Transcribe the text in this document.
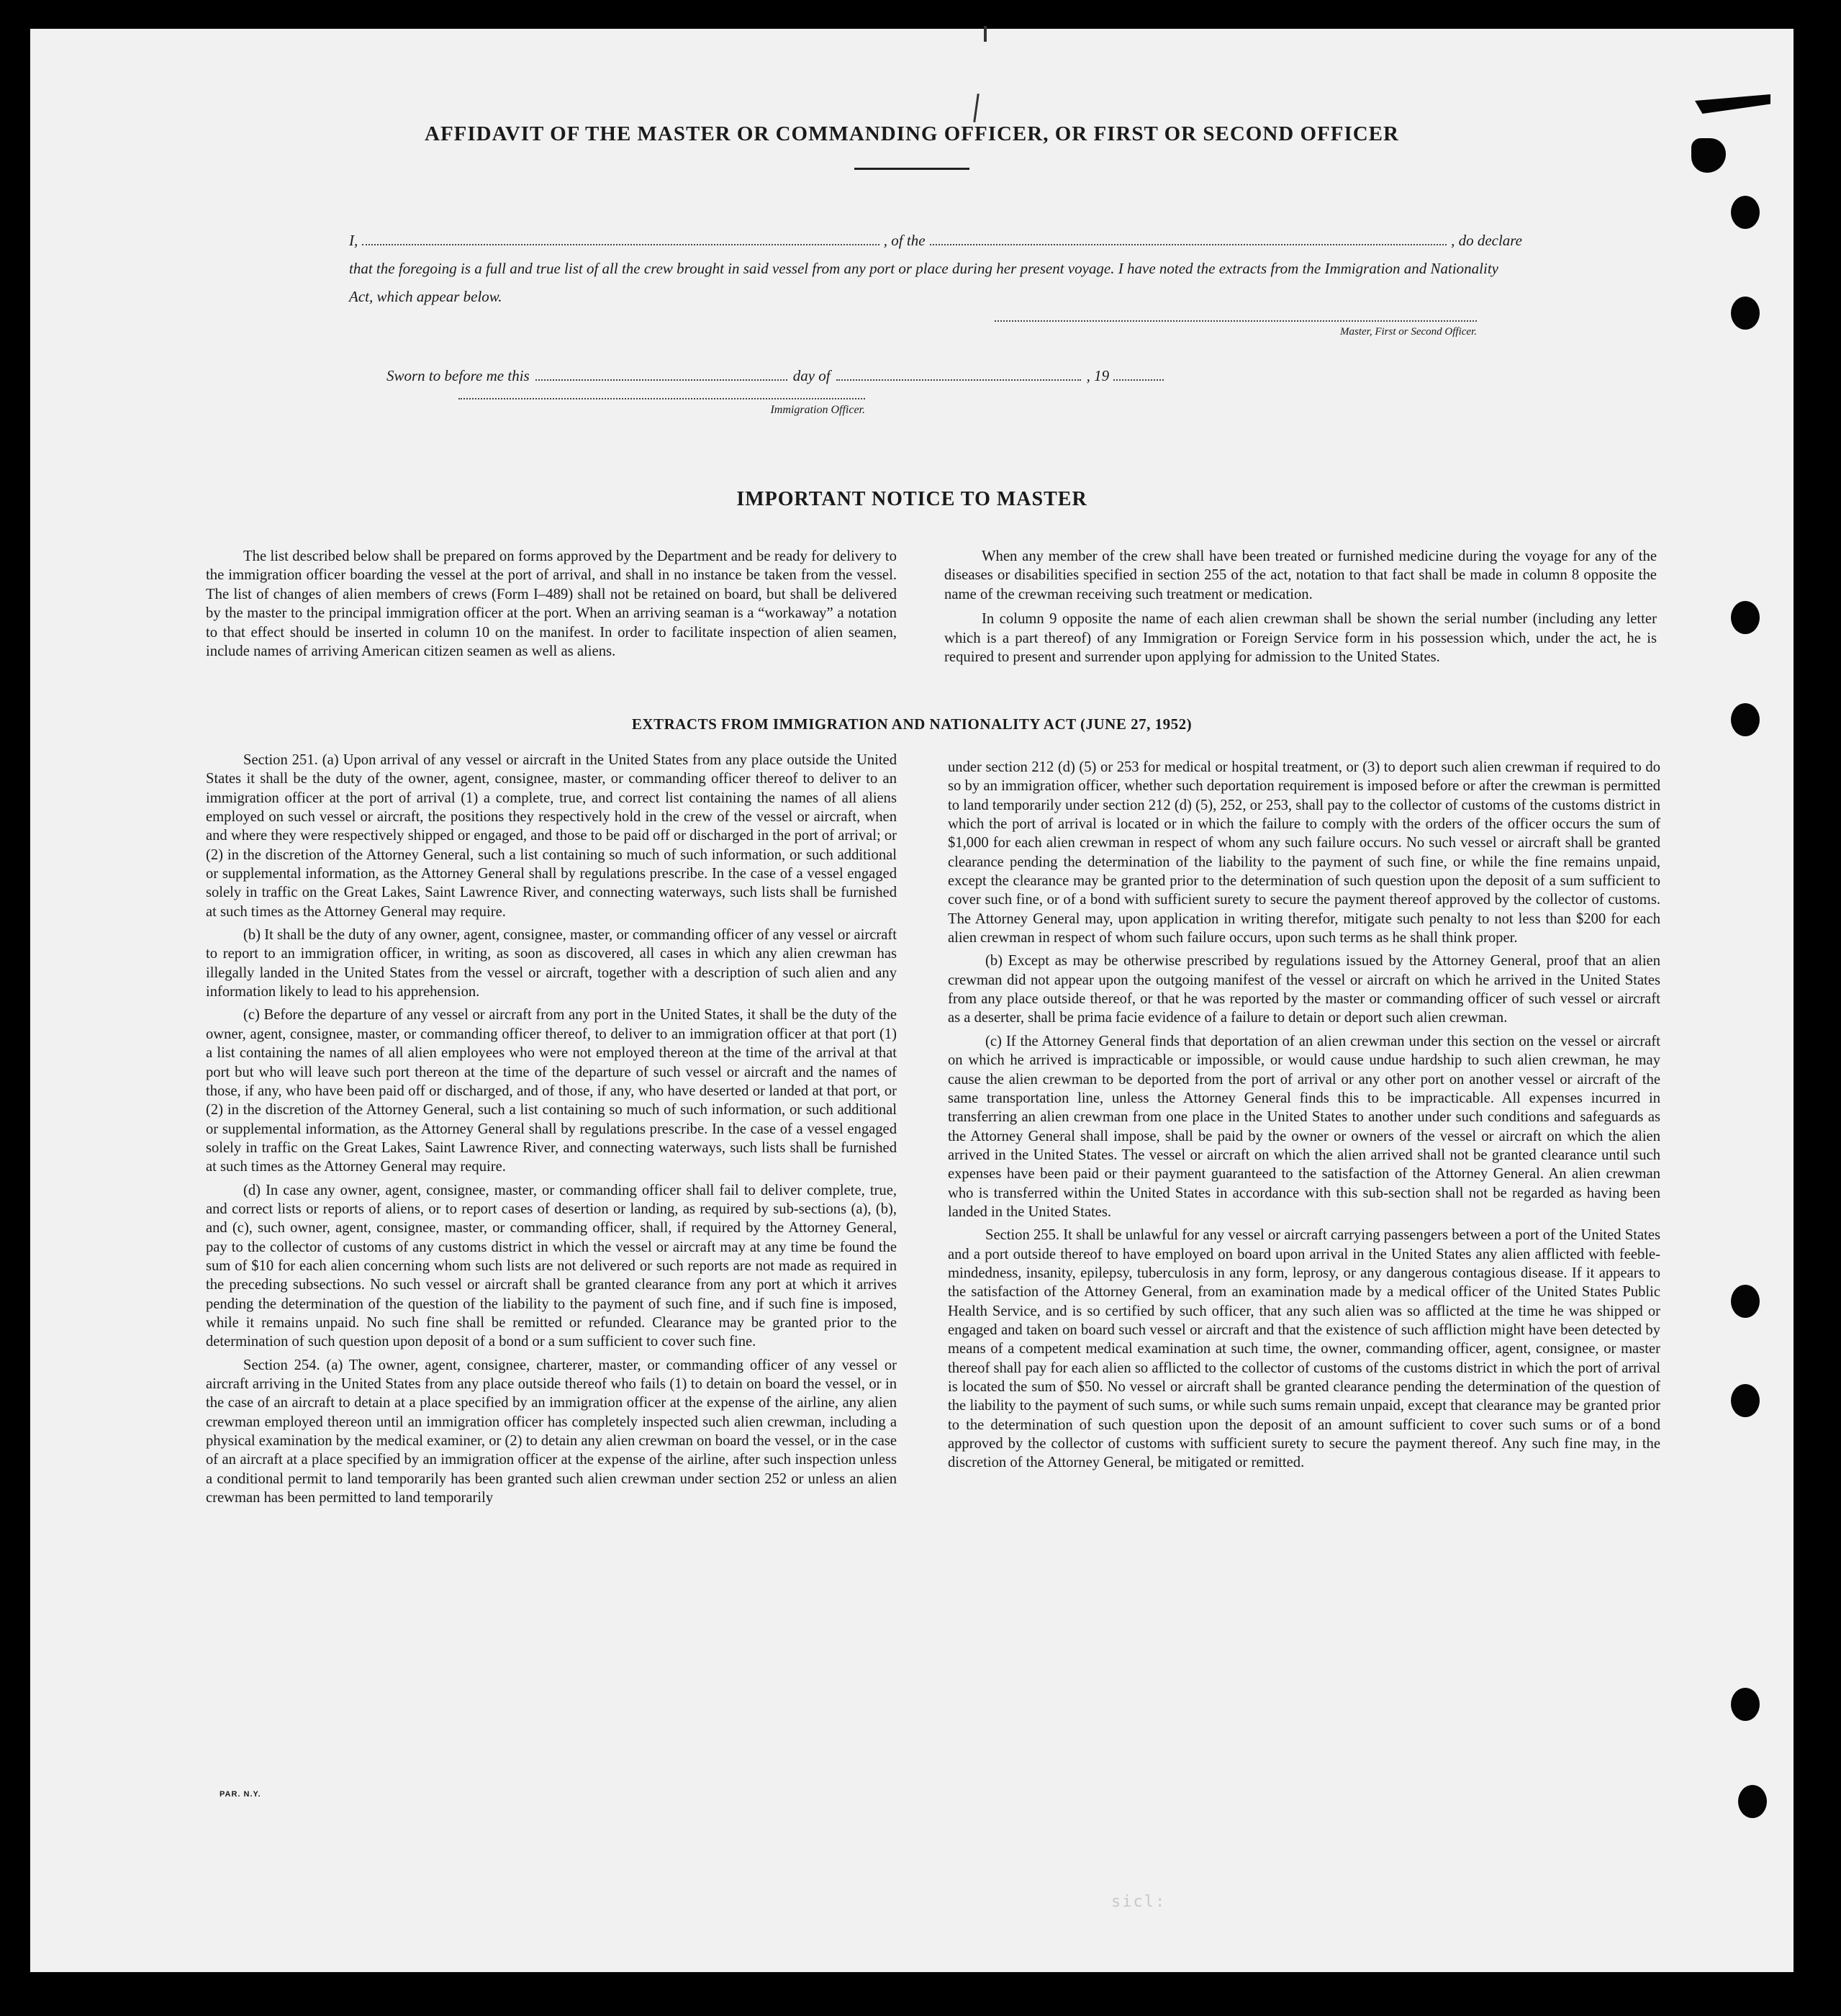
AFFIDAVIT OF THE MASTER OR COMMANDING OFFICER, OR FIRST OR SECOND OFFICER
I,	, of the	, do declare

that the foregoing is a full and true list of all the crew brought in said vessel from any port or place during her present voyage. I have noted the extracts from the Immigration and Nationality Act, which appear below.

Master, First or Second Officer.
Sworn to before me this	day of	, 19
Immigration Officer.
IMPORTANT NOTICE TO MASTER

The list described below shall be prepared on forms approved by the Department and be ready for delivery to the immigration officer boarding the vessel at the port of arrival, and shall in no instance be taken from the vessel. The list of changes of alien members of crews (Form I–489) shall not be retained on board, but shall be delivered by the master to the principal immigration officer at the port. When an arriving seaman is a “workaway” a notation to that effect should be inserted in column 10 on the manifest. In order to facilitate inspection of alien seamen, include names of arriving American citizen seamen as well as aliens.

When any member of the crew shall have been treated or furnished medicine during the voyage for any of the diseases or disabilities specified in section 255 of the act, notation to that fact shall be made in column 8 opposite the name of the crewman receiving such treatment or medication.

In column 9 opposite the name of each alien crewman shall be shown the serial number (including any letter which is a part thereof) of any Immigration or Foreign Service form in his possession which, under the act, he is required to present and surrender upon applying for admission to the United States.

EXTRACTS FROM IMMIGRATION AND NATIONALITY ACT (JUNE 27, 1952)

Section 251. (a) Upon arrival of any vessel or aircraft in the United States from any place outside the United States it shall be the duty of the owner, agent, consignee, master, or commanding officer thereof to deliver to an immigration officer at the port of arrival (1) a complete, true, and correct list containing the names of all aliens employed on such vessel or aircraft, the positions they respectively hold in the crew of the vessel or aircraft, when and where they were respectively shipped or engaged, and those to be paid off or discharged in the port of arrival; or (2) in the discretion of the Attorney General, such a list containing so much of such information, or such additional or supplemental information, as the Attorney General shall by regulations prescribe. In the case of a vessel engaged solely in traffic on the Great Lakes, Saint Lawrence River, and connecting waterways, such lists shall be furnished at such times as the Attorney General may require.

(b) It shall be the duty of any owner, agent, consignee, master, or commanding officer of any vessel or aircraft to report to an immigration officer, in writing, as soon as discovered, all cases in which any alien crewman has illegally landed in the United States from the vessel or aircraft, together with a description of such alien and any information likely to lead to his apprehension.

(c) Before the departure of any vessel or aircraft from any port in the United States, it shall be the duty of the owner, agent, consignee, master, or commanding officer thereof, to deliver to an immigration officer at that port (1) a list containing the names of all alien employees who were not employed thereon at the time of the arrival at that port but who will leave such port thereon at the time of the departure of such vessel or aircraft and the names of those, if any, who have been paid off or discharged, and of those, if any, who have deserted or landed at that port, or (2) in the discretion of the Attorney General, such a list containing so much of such information, or such additional or supplemental information, as the Attorney General shall by regulations prescribe. In the case of a vessel engaged solely in traffic on the Great Lakes, Saint Lawrence River, and connecting waterways, such lists shall be furnished at such times as the Attorney General may require.

(d) In case any owner, agent, consignee, master, or commanding officer shall fail to deliver complete, true, and correct lists or reports of aliens, or to report cases of desertion or landing, as required by sub-sections (a), (b), and (c), such owner, agent, consignee, master, or commanding officer, shall, if required by the Attorney General, pay to the collector of customs of any customs district in which the vessel or aircraft may at any time be found the sum of $10 for each alien concerning whom such lists are not delivered or such reports are not made as required in the preceding subsections. No such vessel or aircraft shall be granted clearance from any port at which it arrives pending the determination of the question of the liability to the payment of such fine, and if such fine is imposed, while it remains unpaid. No such fine shall be remitted or refunded. Clearance may be granted prior to the determination of such question upon deposit of a bond or a sum sufficient to cover such fine.

Section 254. (a) The owner, agent, consignee, charterer, master, or commanding officer of any vessel or aircraft arriving in the United States from any place outside thereof who fails (1) to detain on board the vessel, or in the case of an aircraft to detain at a place specified by an immigration officer at the expense of the airline, any alien crewman employed thereon until an immigration officer has completely inspected such alien crewman, including a physical examination by the medical examiner, or (2) to detain any alien crewman on board the vessel, or in the case of an aircraft at a place specified by an immigration officer at the expense of the airline, after such inspection unless a conditional permit to land temporarily has been granted such alien crewman under section 252 or unless an alien crewman has been permitted to land temporarily

under section 212 (d) (5) or 253 for medical or hospital treatment, or (3) to deport such alien crewman if required to do so by an immigration officer, whether such deportation requirement is imposed before or after the crewman is permitted to land temporarily under section 212 (d) (5), 252, or 253, shall pay to the collector of customs of the customs district in which the port of arrival is located or in which the failure to comply with the orders of the officer occurs the sum of $1,000 for each alien crewman in respect of whom any such failure occurs. No such vessel or aircraft shall be granted clearance pending the determination of the liability to the payment of such fine, or while the fine remains unpaid, except the clearance may be granted prior to the determination of such question upon the deposit of a sum sufficient to cover such fine, or of a bond with sufficient surety to secure the payment thereof approved by the collector of customs. The Attorney General may, upon application in writing therefor, mitigate such penalty to not less than $200 for each alien crewman in respect of whom such failure occurs, upon such terms as he shall think proper.

(b) Except as may be otherwise prescribed by regulations issued by the Attorney General, proof that an alien crewman did not appear upon the outgoing manifest of the vessel or aircraft on which he arrived in the United States from any place outside thereof, or that he was reported by the master or commanding officer of such vessel or aircraft as a deserter, shall be prima facie evidence of a failure to detain or deport such alien crewman.

(c) If the Attorney General finds that deportation of an alien crewman under this section on the vessel or aircraft on which he arrived is impracticable or impossible, or would cause undue hardship to such alien crewman, he may cause the alien crewman to be deported from the port of arrival or any other port on another vessel or aircraft of the same transportation line, unless the Attorney General finds this to be impracticable. All expenses incurred in transferring an alien crewman from one place in the United States to another under such conditions and safeguards as the Attorney General shall impose, shall be paid by the owner or owners of the vessel or aircraft on which the alien arrived in the United States. The vessel or aircraft on which the alien arrived shall not be granted clearance until such expenses have been paid or their payment guaranteed to the satisfaction of the Attorney General. An alien crewman who is transferred within the United States in accordance with this sub-section shall not be regarded as having been landed in the United States.

Section 255. It shall be unlawful for any vessel or aircraft carrying passengers between a port of the United States and a port outside thereof to have employed on board upon arrival in the United States any alien afflicted with feeble-mindedness, insanity, epilepsy, tuberculosis in any form, leprosy, or any dangerous contagious disease. If it appears to the satisfaction of the Attorney General, from an examination made by a medical officer of the United States Public Health Service, and is so certified by such officer, that any such alien was so afflicted at the time he was shipped or engaged and taken on board such vessel or aircraft and that the existence of such affliction might have been detected by means of a competent medical examination at such time, the owner, commanding officer, agent, consignee, or master thereof shall pay for each alien so afflicted to the collector of customs of the customs district in which the port of arrival is located the sum of $50. No vessel or aircraft shall be granted clearance pending the determination of the question of the liability to the payment of such sums, or while such sums remain unpaid, except that clearance may be granted prior to the determination of such question upon the deposit of an amount sufficient to cover such sums or of a bond approved by the collector of customs with sufficient surety to secure the payment thereof. Any such fine may, in the discretion of the Attorney General, be mitigated or remitted.

PAR. N.Y.
sicl:
